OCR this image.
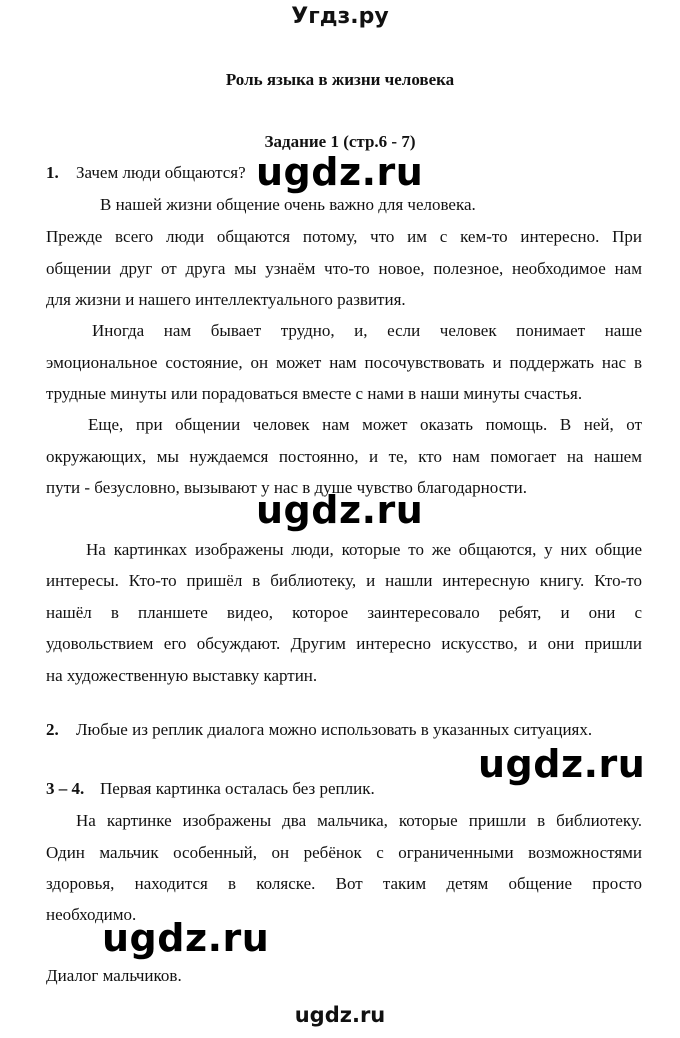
Угдз.ру
Роль языка в жизни человека
Задание 1 (стр.6 - 7)
1. Зачем люди общаются?
В нашей жизни общение очень важно для человека.
Прежде всего люди общаются потому, что им с кем-то интересно. При
общении друг от друга мы узнаём что-то новое, полезное, необходимое нам
для жизни и нашего интеллектуального развития.
Иногда нам бывает трудно, и, если человек понимает наше
эмоциональное состояние, он может нам посочувствовать и поддержать нас в
трудные минуты или порадоваться вместе с нами в наши минуты счастья.
Еще, при общении человек нам может оказать помощь. В ней, от
окружающих, мы нуждаемся постоянно, и те, кто нам помогает на нашем
пути - безусловно, вызывают у нас в душе чувство благодарности.
На картинках изображены люди, которые то же общаются, у них общие
интересы. Кто-то пришёл в библиотеку, и нашли интересную книгу. Кто-то
нашёл в планшете видео, которое заинтересовало ребят, и они с
удовольствием его обсуждают. Другим интересно искусство, и они пришли
на художественную выставку картин.
2. Любые из реплик диалога можно использовать в указанных ситуациях.
3 – 4. Первая картинка осталась без реплик.
На картинке изображены два мальчика, которые пришли в библиотеку.
Один мальчик особенный, он ребёнок с ограниченными возможностями
здоровья, находится в коляске. Вот таким детям общение просто
необходимо.
Диалог мальчиков.
ugdz.ru
ugdz.ru
ugdz.ru
ugdz.ru
ugdz.ru
